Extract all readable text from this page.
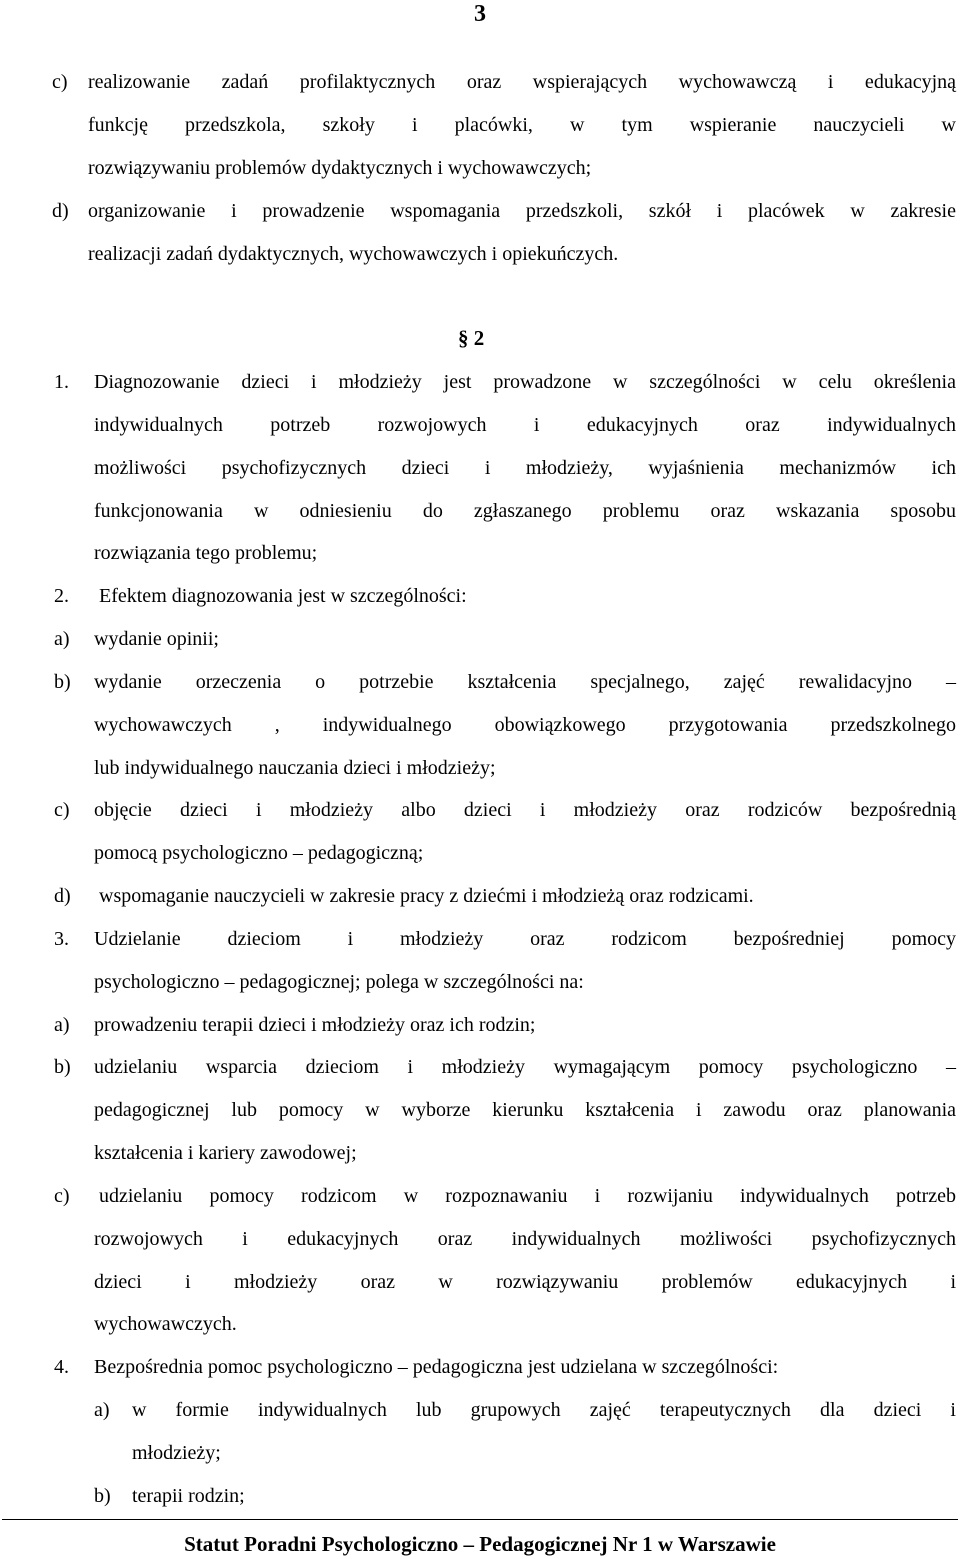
3
c) realizowanie zadań profilaktycznych oraz wspierających wychowawczą i edukacyjną
funkcję przedszkola, szkoły i placówki, w tym wspieranie nauczycieli w
rozwiązywaniu problemów dydaktycznych i wychowawczych;
d) organizowanie i prowadzenie wspomagania przedszkoli, szkół i placówek w zakresie
realizacji zadań dydaktycznych, wychowawczych i opiekuńczych.
§ 2
1. Diagnozowanie dzieci i młodzieży jest prowadzone w szczególności w celu określenia
indywidualnych potrzeb rozwojowych i edukacyjnych oraz indywidualnych
możliwości psychofizycznych dzieci i młodzieży, wyjaśnienia mechanizmów ich
funkcjonowania w odniesieniu do zgłaszanego problemu oraz wskazania sposobu
rozwiązania tego problemu;
2. Efektem diagnozowania jest w szczególności:
a) wydanie opinii;
b) wydanie orzeczenia o potrzebie kształcenia specjalnego, zajęć rewalidacyjno –
wychowawczych , indywidualnego obowiązkowego przygotowania przedszkolnego
lub indywidualnego nauczania dzieci i młodzieży;
c) objęcie dzieci i młodzieży albo dzieci i młodzieży oraz rodziców bezpośrednią
pomocą psychologiczno – pedagogiczną;
d) wspomaganie nauczycieli w zakresie pracy z dziećmi i młodzieżą oraz rodzicami.
3. Udzielanie dzieciom i młodzieży oraz rodzicom bezpośredniej pomocy
psychologiczno – pedagogicznej; polega w szczególności na:
a) prowadzeniu terapii dzieci i młodzieży oraz ich rodzin;
b) udzielaniu wsparcia dzieciom i młodzieży wymagającym pomocy psychologiczno –
pedagogicznej lub pomocy w wyborze kierunku kształcenia i zawodu oraz planowania
kształcenia i kariery zawodowej;
c) udzielaniu pomocy rodzicom w rozpoznawaniu i rozwijaniu indywidualnych potrzeb
rozwojowych i edukacyjnych oraz indywidualnych możliwości psychofizycznych
dzieci i młodzieży oraz w rozwiązywaniu problemów edukacyjnych i
wychowawczych.
4. Bezpośrednia pomoc psychologiczno – pedagogiczna jest udzielana w szczególności:
a) w formie indywidualnych lub grupowych zajęć terapeutycznych dla dzieci i
młodzieży;
b) terapii rodzin;
Statut Poradni Psychologiczno – Pedagogicznej Nr 1 w Warszawie
